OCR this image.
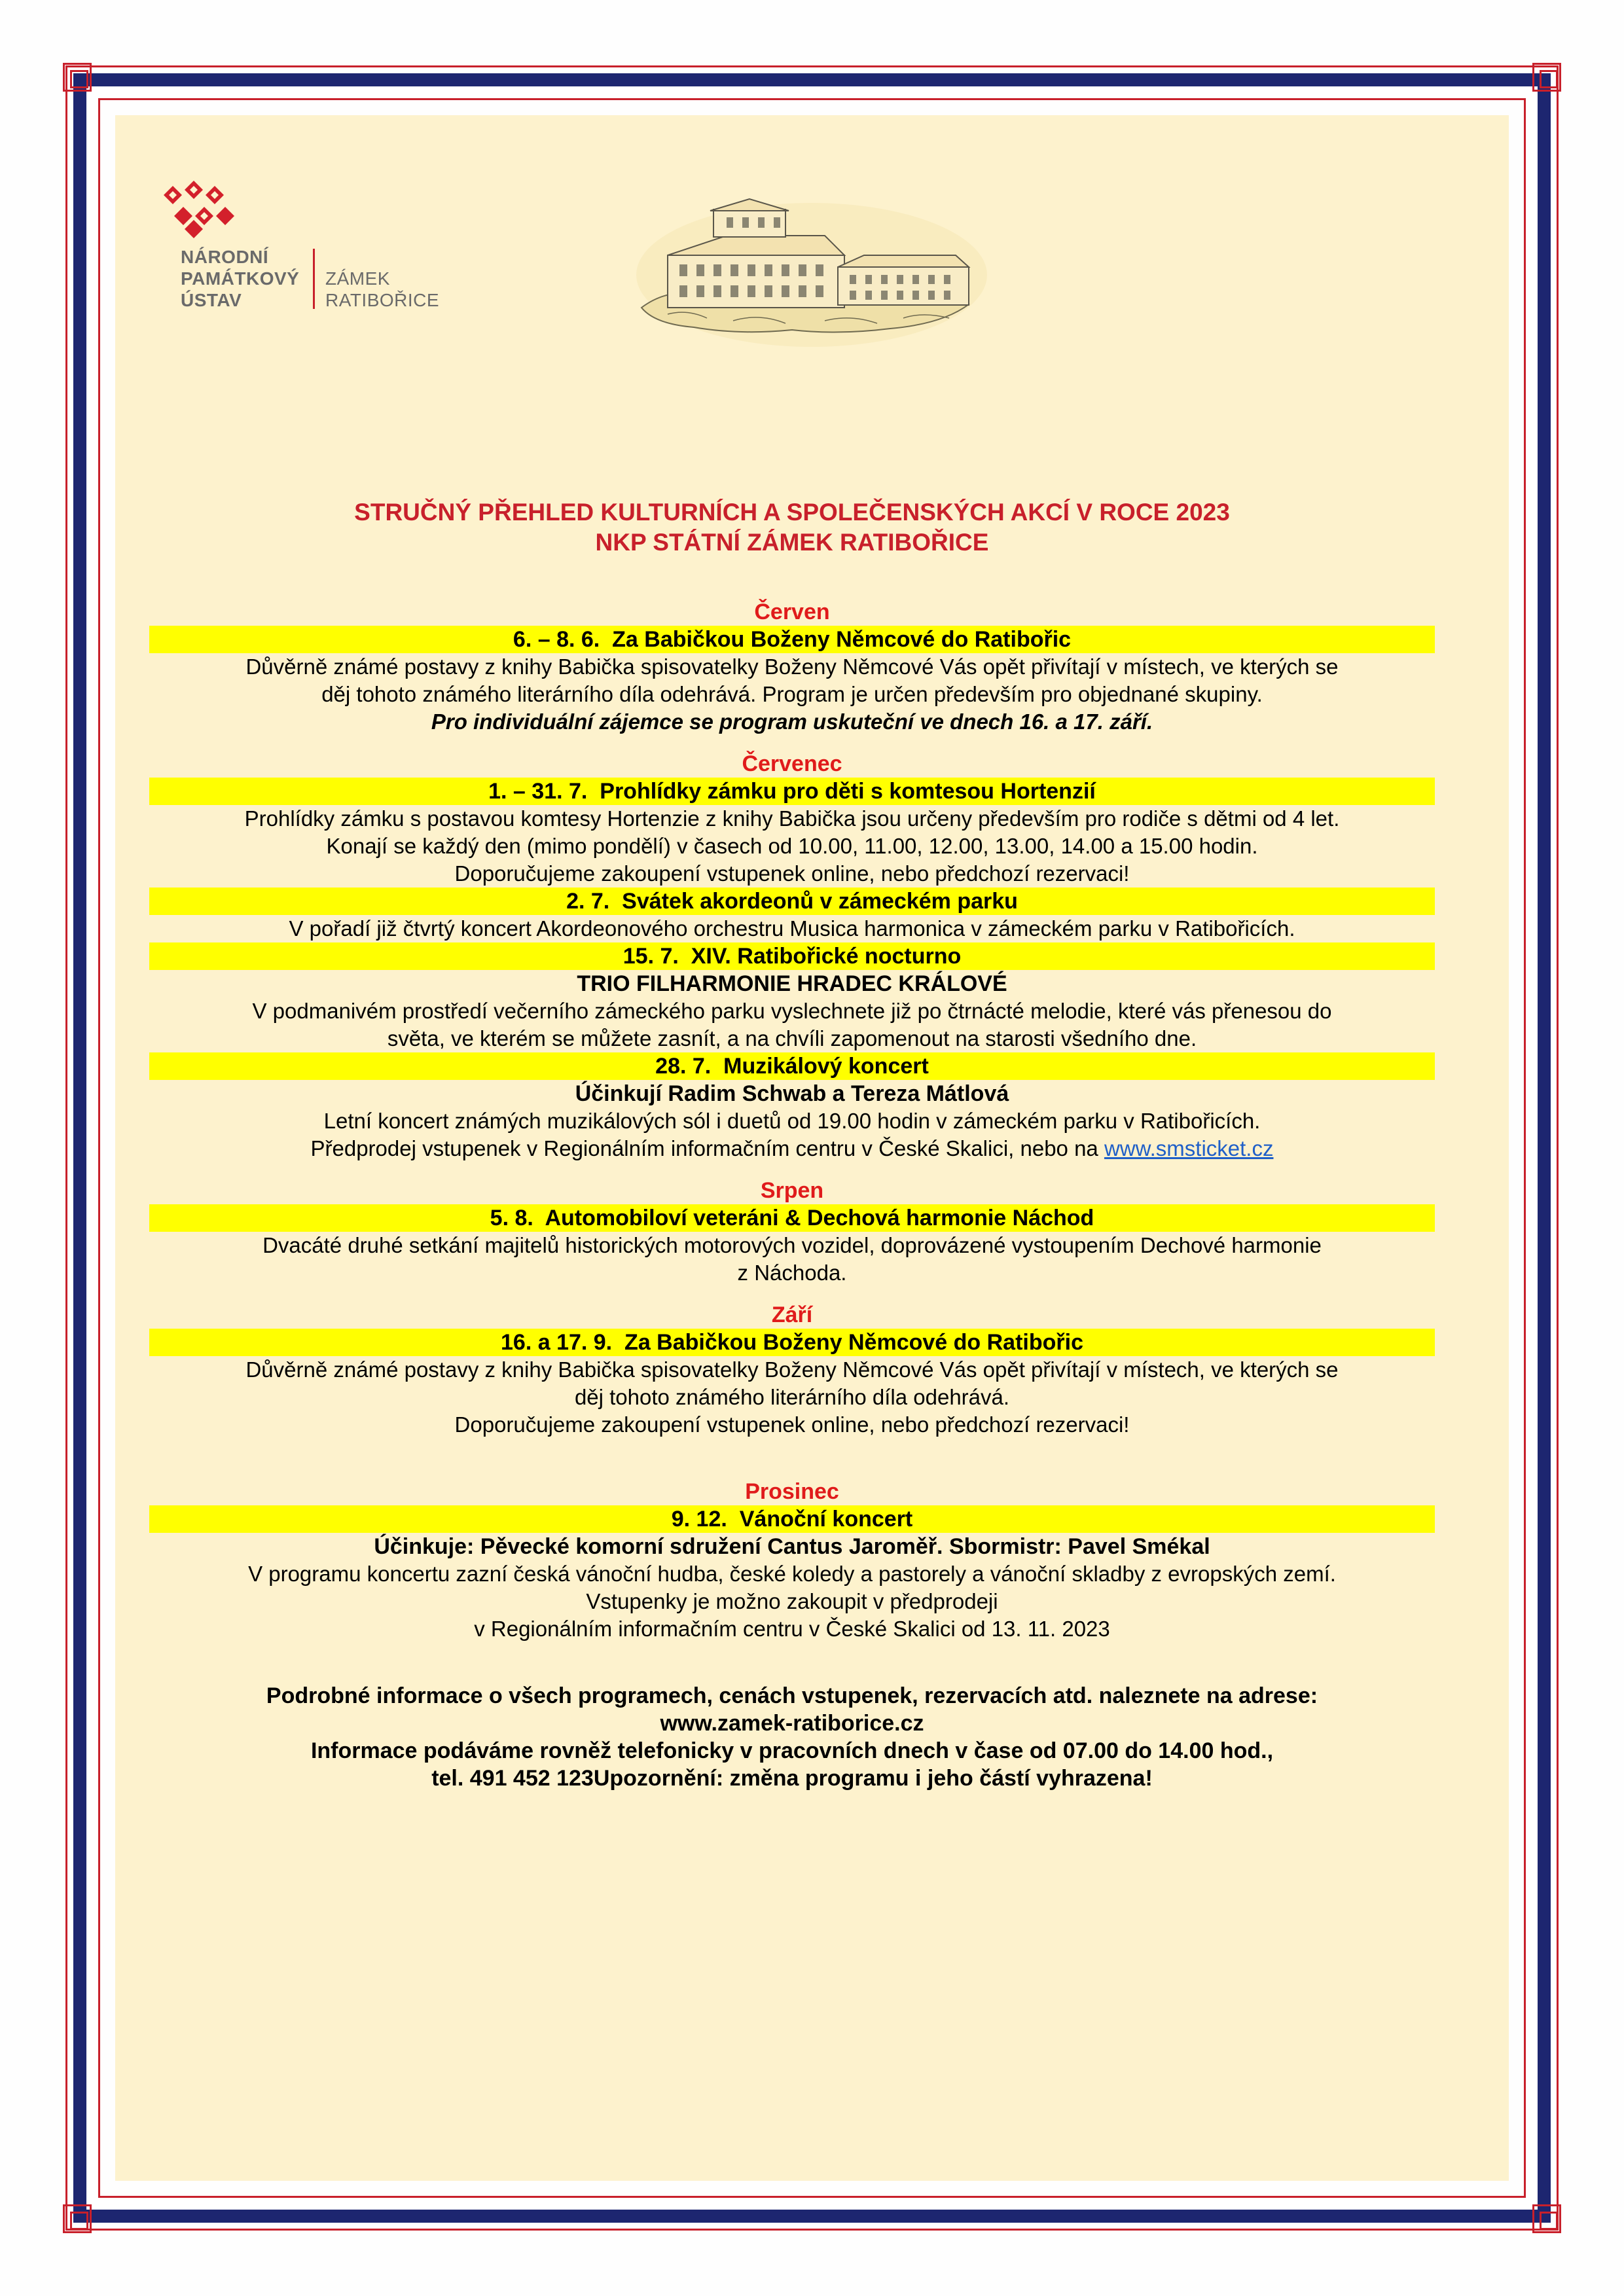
NÁRODNÍ
PAMÁTKOVÝ
ÚSTAV
ZÁMEK
RATIBOŘICE
STRUČNÝ PŘEHLED KULTURNÍCH A SPOLEČENSKÝCH AKCÍ V ROCE 2023
NKP STÁTNÍ ZÁMEK RATIBOŘICE
Červen
6. – 8. 6. Za Babičkou Boženy Němcové do Ratibořic
Důvěrně známé postavy z knihy Babička spisovatelky Boženy Němcové Vás opět přivítají v místech, ve kterých se
děj tohoto známého literárního díla odehrává. Program je určen především pro objednané skupiny.
Pro individuální zájemce se program uskuteční ve dnech 16. a 17. září.
Červenec
1. – 31. 7. Prohlídky zámku pro děti s komtesou Hortenzií
Prohlídky zámku s postavou komtesy Hortenzie z knihy Babička jsou určeny především pro rodiče s dětmi od 4 let.
Konají se každý den (mimo pondělí) v časech od 10.00, 11.00, 12.00, 13.00, 14.00 a 15.00 hodin.
Doporučujeme zakoupení vstupenek online, nebo předchozí rezervaci!
2. 7. Svátek akordeonů v zámeckém parku
V pořadí již čtvrtý koncert Akordeonového orchestru Musica harmonica v zámeckém parku v Ratibořicích.
15. 7. XIV. Ratibořické nocturno
TRIO FILHARMONIE HRADEC KRÁLOVÉ
V podmanivém prostředí večerního zámeckého parku vyslechnete již po čtrnácté melodie, které vás přenesou do
světa, ve kterém se můžete zasnít, a na chvíli zapomenout na starosti všedního dne.
28. 7. Muzikálový koncert
Účinkují Radim Schwab a Tereza Mátlová
Letní koncert známých muzikálových sól i duetů od 19.00 hodin v zámeckém parku v Ratibořicích.
Předprodej vstupenek v Regionálním informačním centru v České Skalici, nebo na www.smsticket.cz
Srpen
5. 8. Automobiloví veteráni & Dechová harmonie Náchod
Dvacáté druhé setkání majitelů historických motorových vozidel, doprovázené vystoupením Dechové harmonie
z Náchoda.
Září
16. a 17. 9. Za Babičkou Boženy Němcové do Ratibořic
Důvěrně známé postavy z knihy Babička spisovatelky Boženy Němcové Vás opět přivítají v místech, ve kterých se
děj tohoto známého literárního díla odehrává.
Doporučujeme zakoupení vstupenek online, nebo předchozí rezervaci!
Prosinec
9. 12. Vánoční koncert
Účinkuje: Pěvecké komorní sdružení Cantus Jaroměř. Sbormistr: Pavel Smékal
V programu koncertu zazní česká vánoční hudba, české koledy a pastorely a vánoční skladby z evropských zemí.
Vstupenky je možno zakoupit v předprodeji
v Regionálním informačním centru v České Skalici od 13. 11. 2023
Podrobné informace o všech programech, cenách vstupenek, rezervacích atd. naleznete na adrese:
www.zamek-ratiborice.cz
Informace podáváme rovněž telefonicky v pracovních dnech v čase od 07.00 do 14.00 hod.,
tel. 491 452 123Upozornění: změna programu i jeho částí vyhrazena!
